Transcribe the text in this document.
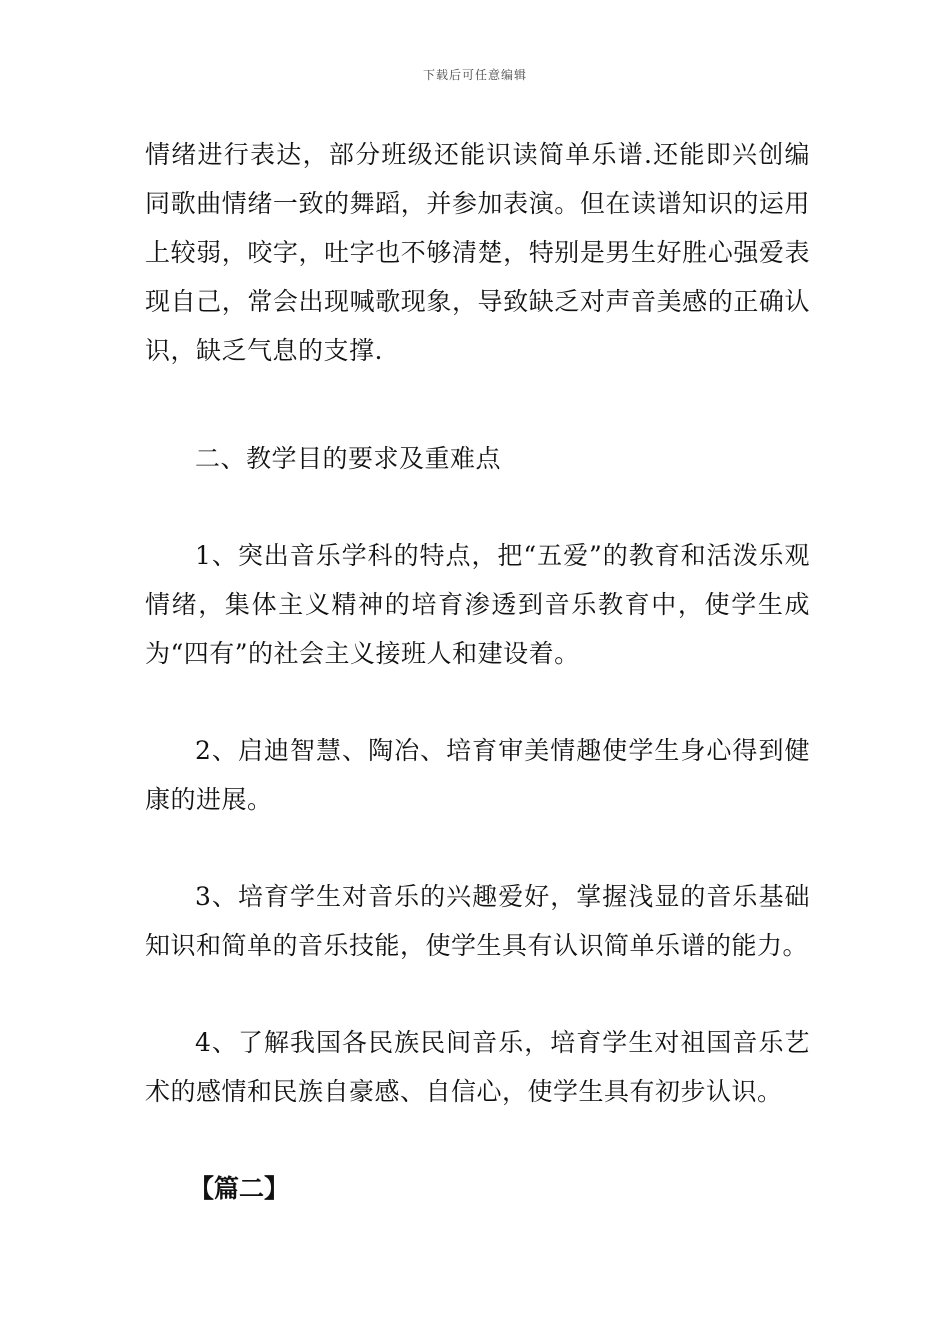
下载后可任意编辑

情绪进行表达，部分班级还能识读简单乐谱.还能即兴创编同歌曲情绪一致的舞蹈，并参加表演。但在读谱知识的运用上较弱，咬字，吐字也不够清楚，特别是男生好胜心强爱表现自己，常会出现喊歌现象，导致缺乏对声音美感的正确认识，缺乏气息的支撑.

二、教学目的要求及重难点

1、突出音乐学科的特点，把“五爱”的教育和活泼乐观情绪，集体主义精神的培育渗透到音乐教育中，使学生成为“四有”的社会主义接班人和建设着。

2、启迪智慧、陶冶、培育审美情趣使学生身心得到健康的进展。

3、培育学生对音乐的兴趣爱好，掌握浅显的音乐基础知识和简单的音乐技能，使学生具有认识简单乐谱的能力。

4、了解我国各民族民间音乐，培育学生对祖国音乐艺术的感情和民族自豪感、自信心，使学生具有初步认识。

【篇二】
